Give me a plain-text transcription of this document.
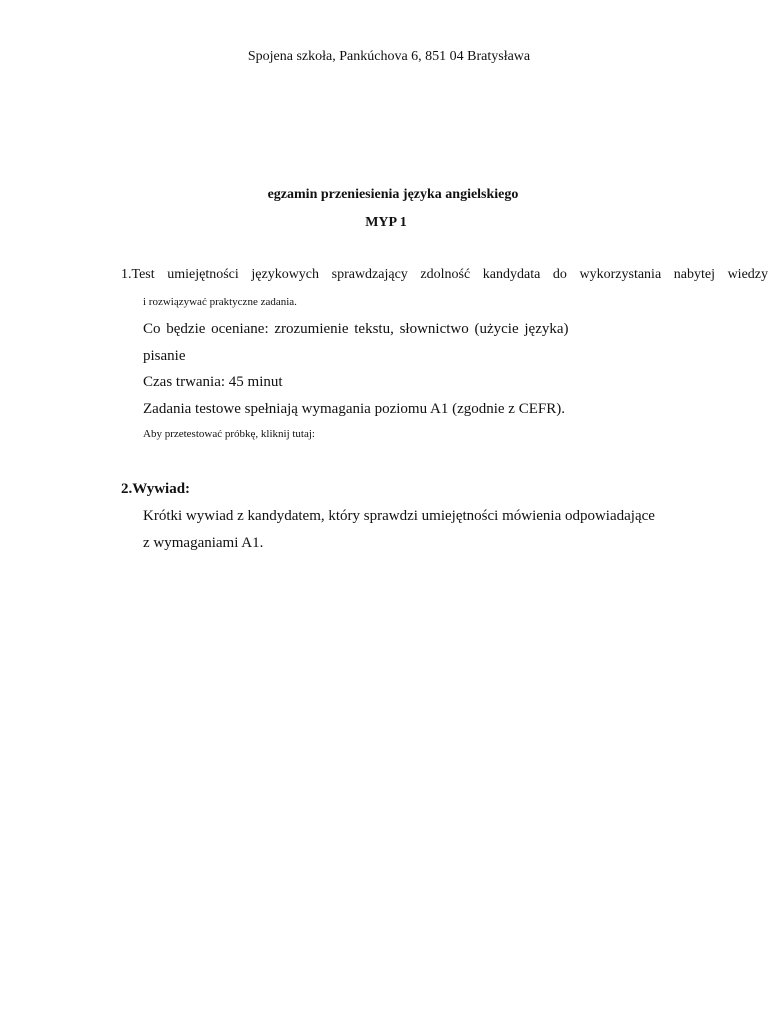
Spojena szkoła, Pankúchova 6, 851 04 Bratysława
egzamin przeniesienia języka angielskiego
MYP 1
1.Test umiejętności językowych sprawdzający zdolność kandydata do wykorzystania nabytej wiedzy
i rozwiązywać praktyczne zadania.
Co będzie oceniane: zrozumienie tekstu, słownictwo (użycie języka)
pisanie
Czas trwania: 45 minut
Zadania testowe spełniają wymagania poziomu A1 (zgodnie z CEFR).
Aby przetestować próbkę, kliknij tutaj:
2.Wywiad:
Krótki wywiad z kandydatem, który sprawdzi umiejętności mówienia odpowiadające
z wymaganiami A1.
